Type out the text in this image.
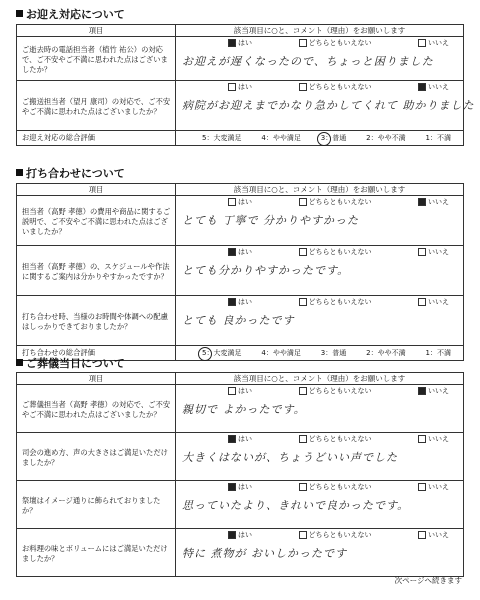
お迎え対応について
項目	該当項目に○と、コメント（理由）をお願いします
ご逝去時の電話担当者（植竹 祐公）の対応で、ご不安やご不満に思われた点はございましたか？	はい どちらともいえない いいえ
お迎えが遅くなったので、ちょっと困りました

ご搬送担当者（望月 康司）の対応で、ご不安やご不満に思われた点はございましたか？	はい どちらともいえない いいえ
病院がお迎えまでかなり急かしてくれて 助かりました

お迎え対応の総合評価	5：大変満足 4：やや満足 3：普通 2：やや不満 1：不満
打ち合わせについて
項目	該当項目に○と、コメント（理由）をお願いします
担当者（高野 孝徳）の費用や商品に関するご説明で、ご不安やご不満に思われた点はございましたか？	はい どちらともいえない いいえ
とても 丁寧で 分かりやすかった

担当者（高野 孝徳）の、スケジュールや作法に関するご案内は分かりやすかったですか？	はい どちらともいえない いいえ
とても分かりやすかったです。

打ち合わせ時、当様のお時間や体調への配慮はしっかりできておりましたか？	はい どちらともいえない いいえ
とても 良かったです

打ち合わせの総合評価	5：大変満足 4：やや満足 3：普通 2：やや不満 1：不満
ご葬儀当日について
項目	該当項目に○と、コメント（理由）をお願いします
ご葬儀担当者（高野 孝徳）の対応で、ご不安やご不満に思われた点はございましたか？	はい どちらともいえない いいえ
親切で よかったです。

司会の進め方、声の大きさはご満足いただけましたか？	はい どちらともいえない いいえ
大きくはないが、ちょうどいい声でした

祭壇はイメージ通りに飾られておりましたか？	はい どちらともいえない いいえ
思っていたより、きれいで良かったです。

お料理の味とボリュームにはご満足いただけましたか？	はい どちらともいえない いいえ
特に 煮物が おいしかったです
次ページへ続きます
